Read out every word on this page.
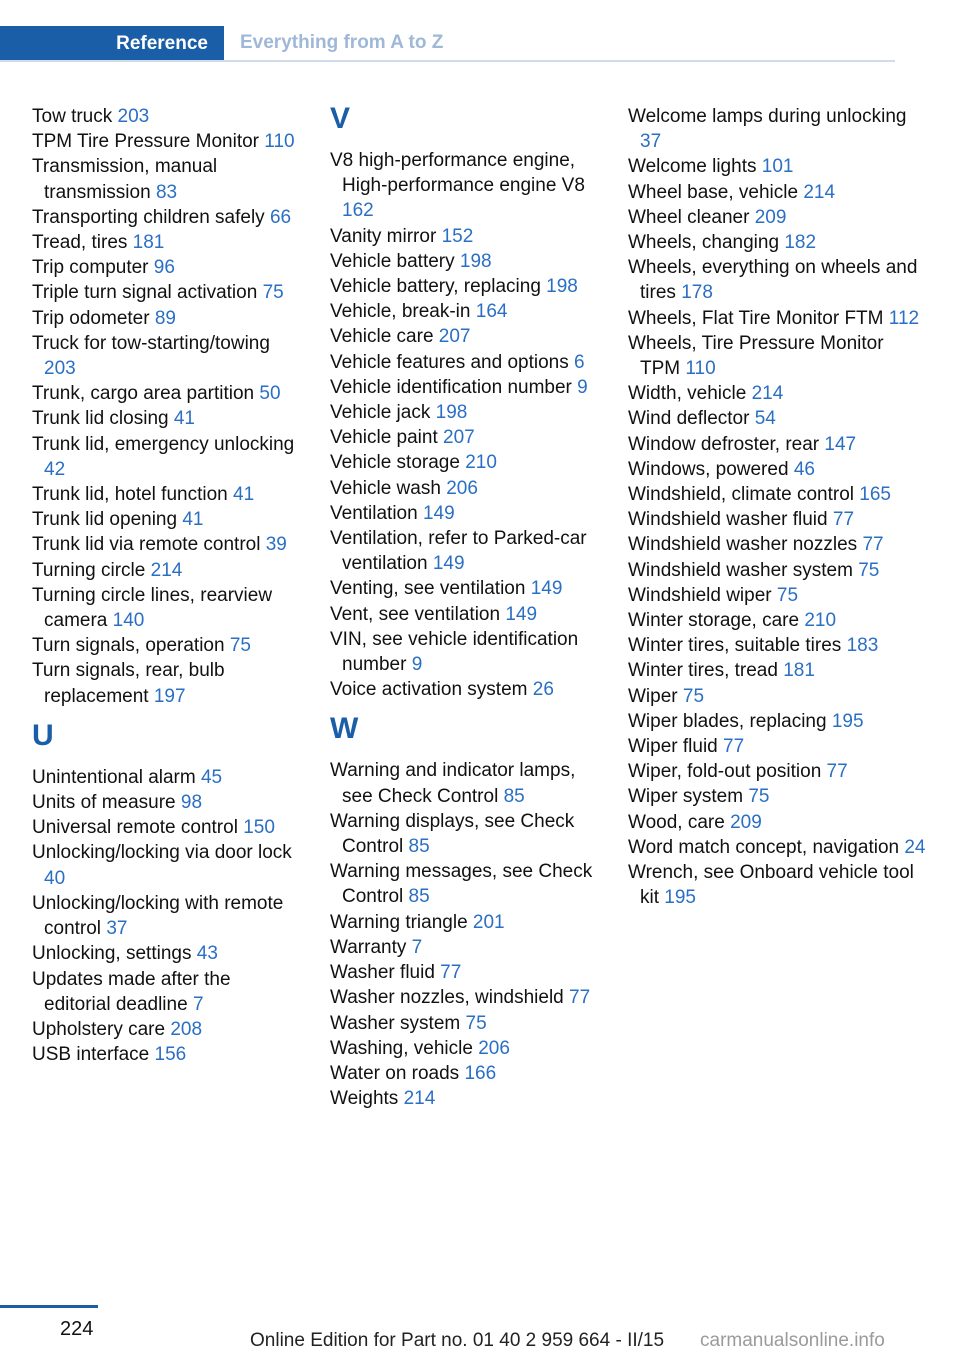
Reference	Everything from A to Z

Tow truck 203

TPM Tire Pressure Monitor 110

Transmission, manual transmission 83

Transporting children safely 66

Tread, tires 181

Trip computer 96

Triple turn signal activation 75

Trip odometer 89

Truck for tow-starting/towing 203

Trunk, cargo area partition 50

Trunk lid closing 41

Trunk lid, emergency unlocking 42

Trunk lid, hotel function 41

Trunk lid opening 41

Trunk lid via remote control 39

Turning circle 214

Turning circle lines, rearview camera 140

Turn signals, operation 75

Turn signals, rear, bulb replacement 197

U

Unintentional alarm 45

Units of measure 98

Universal remote control 150

Unlocking/locking via door lock 40

Unlocking/locking with remote control 37

Unlocking, settings 43

Updates made after the editorial deadline 7

Upholstery care 208

USB interface 156

V

V8 high-performance engine, High-performance engine V8 162

Vanity mirror 152

Vehicle battery 198

Vehicle battery, replacing 198

Vehicle, break-in 164

Vehicle care 207

Vehicle features and options 6

Vehicle identification number 9

Vehicle jack 198

Vehicle paint 207

Vehicle storage 210

Vehicle wash 206

Ventilation 149

Ventilation, refer to Parked-car ventilation 149

Venting, see ventilation 149

Vent, see ventilation 149

VIN, see vehicle identification number 9

Voice activation system 26

W

Warning and indicator lamps, see Check Control 85

Warning displays, see Check Control 85

Warning messages, see Check Control 85

Warning triangle 201

Warranty 7

Washer fluid 77

Washer nozzles, windshield 77

Washer system 75

Washing, vehicle 206

Water on roads 166

Weights 214

Welcome lamps during unlocking 37

Welcome lights 101

Wheel base, vehicle 214

Wheel cleaner 209

Wheels, changing 182

Wheels, everything on wheels and tires 178

Wheels, Flat Tire Monitor FTM 112

Wheels, Tire Pressure Monitor TPM 110

Width, vehicle 214

Wind deflector 54

Window defroster, rear 147

Windows, powered 46

Windshield, climate control 165

Windshield washer fluid 77

Windshield washer nozzles 77

Windshield washer system 75

Windshield wiper 75

Winter storage, care 210

Winter tires, suitable tires 183

Winter tires, tread 181

Wiper 75

Wiper blades, replacing 195

Wiper fluid 77

Wiper, fold-out position 77

Wiper system 75

Wood, care 209

Word match concept, navigation 24

Wrench, see Onboard vehicle tool kit 195

224
Online Edition for Part no. 01 40 2 959 664 - II/15 carmanualsonline.info
